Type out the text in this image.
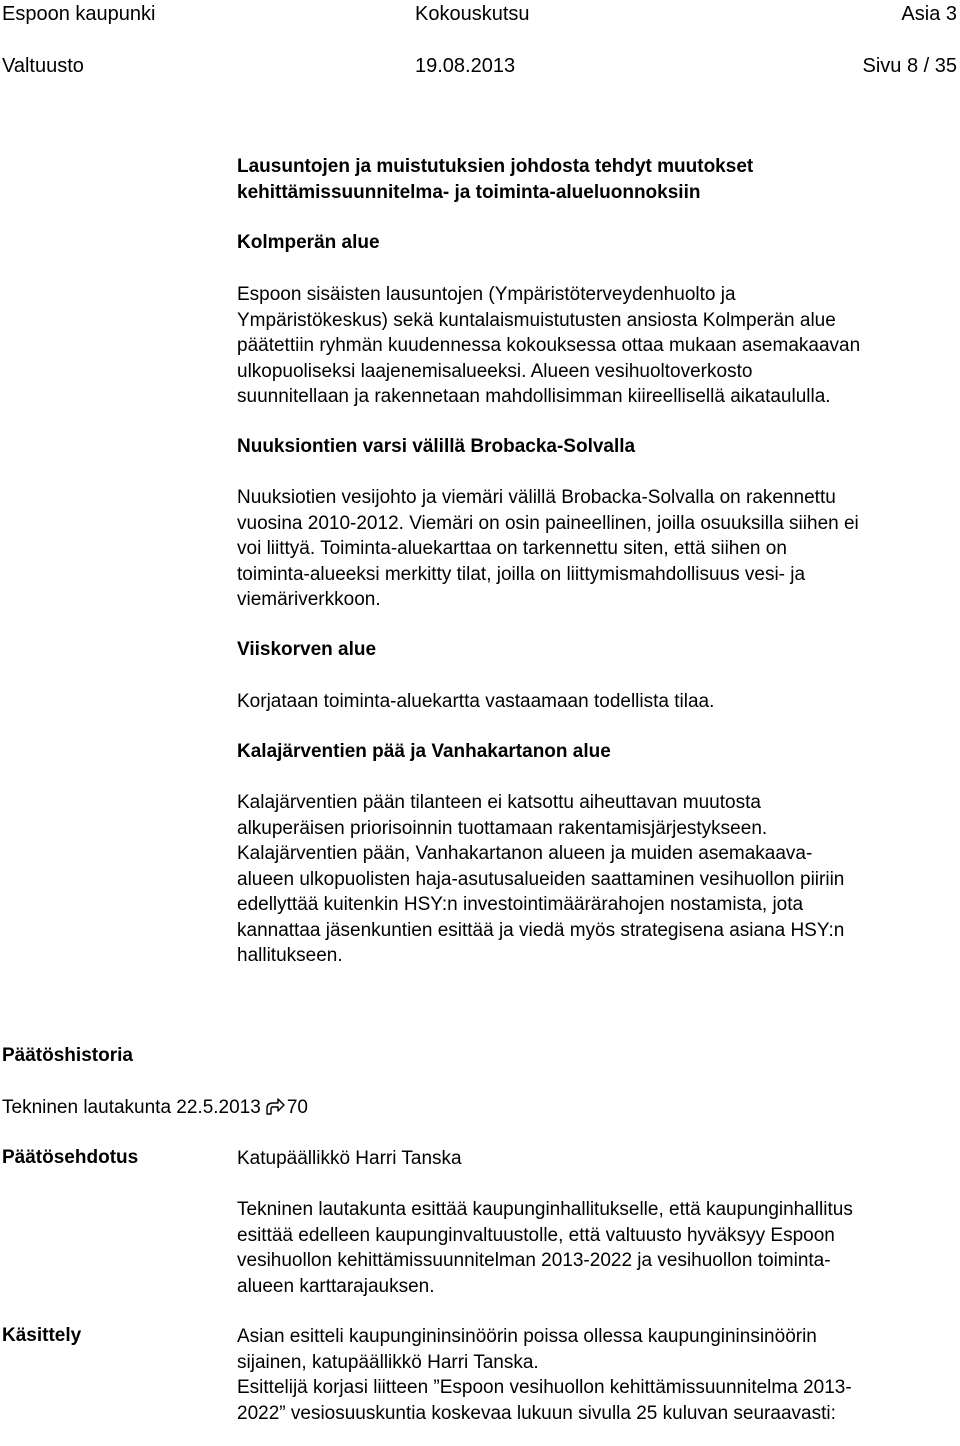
Espoon kaupunki	Kokouskutsu	Asia 3
Valtuusto	19.08.2013	Sivu 8 / 35
Lausuntojen ja muistutuksien johdosta tehdyt muutokset
kehittämissuunnitelma- ja toiminta-alueluonnoksiin
Kolmperän alue
Espoon sisäisten lausuntojen (Ympäristöterveydenhuolto ja
Ympäristökeskus) sekä kuntalaismuistutusten ansiosta Kolmperän alue
päätettiin ryhmän kuudennessa kokouksessa ottaa mukaan asemakaavan
ulkopuoliseksi laajenemisalueeksi. Alueen vesihuoltoverkosto
suunnitellaan ja rakennetaan mahdollisimman kiireellisellä aikataululla.
Nuuksiontien varsi välillä Brobacka-Solvalla
Nuuksiotien vesijohto ja viemäri välillä Brobacka-Solvalla on rakennettu
vuosina 2010-2012. Viemäri on osin paineellinen, joilla osuuksilla siihen ei
voi liittyä. Toiminta-aluekarttaa on tarkennettu siten, että siihen on
toiminta-alueeksi merkitty tilat, joilla on liittymismahdollisuus vesi- ja
viemäriverkkoon.
Viiskorven alue
Korjataan toiminta-aluekartta vastaamaan todellista tilaa.
Kalajärventien pää ja Vanhakartanon alue
Kalajärventien pään tilanteen ei katsottu aiheuttavan muutosta
alkuperäisen priorisoinnin tuottamaan rakentamisjärjestykseen.
Kalajärventien pään, Vanhakartanon alueen ja muiden asemakaava-
alueen ulkopuolisten haja-asutusalueiden saattaminen vesihuollon piiriin
edellyttää kuitenkin HSY:n investointimäärärahojen nostamista, jota
kannattaa jäsenkuntien esittää ja viedä myös strategisena asiana HSY:n
hallitukseen.
Päätöshistoria
Tekninen lautakunta 22.5.2013 70
Päätösehdotus	Katupäällikkö Harri Tanska
Tekninen lautakunta esittää kaupunginhallitukselle, että kaupunginhallitus
esittää edelleen kaupunginvaltuustolle, että valtuusto hyväksyy Espoon
vesihuollon kehittämissuunnitelman 2013-2022 ja vesihuollon toiminta-
alueen karttarajauksen.
Käsittely	Asian esitteli kaupungininsinöörin poissa ollessa kaupungininsinöörin
sijainen, katupäällikkö Harri Tanska.
Esittelijä korjasi liitteen ”Espoon vesihuollon kehittämissuunnitelma 2013-
2022” vesiosuuskuntia koskevaa lukuun sivulla 25 kuluvan seuraavasti:
